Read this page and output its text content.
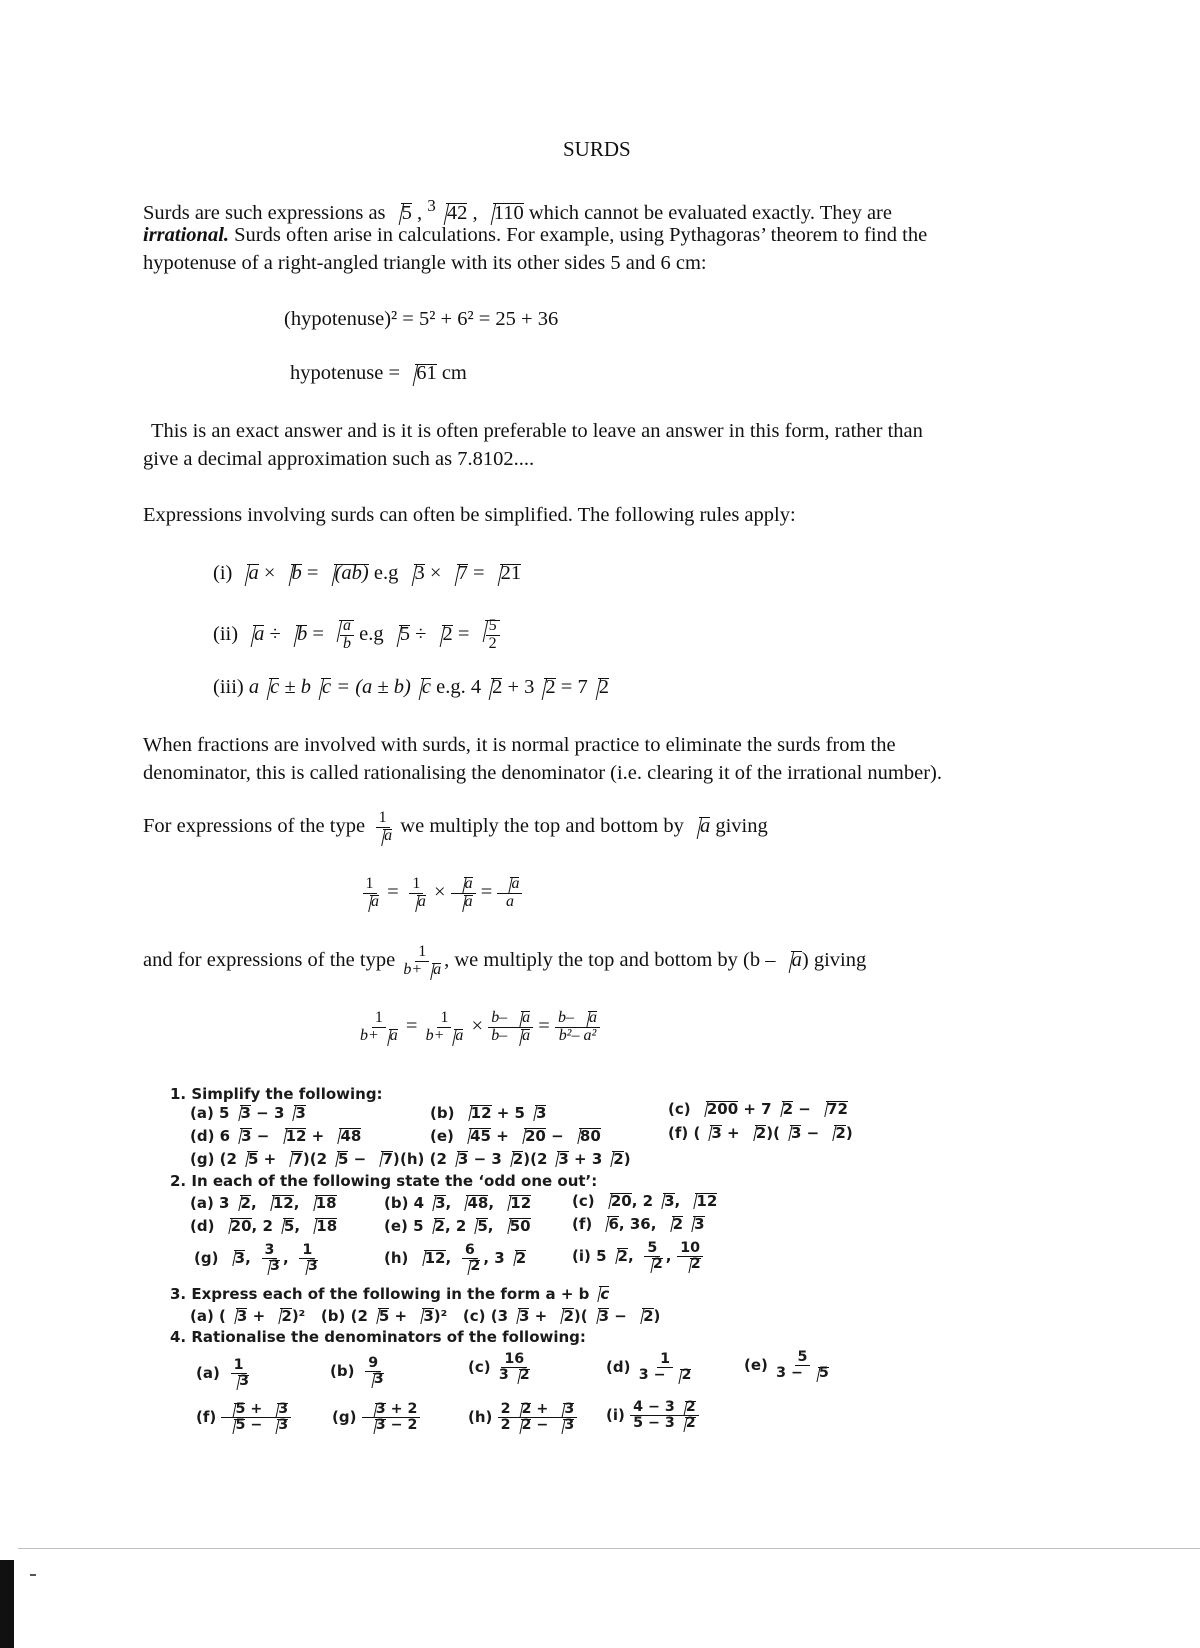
SURDS
Surds are such expressions as 5 , $^3$ 42 , 110 which cannot be evaluated exactly. They are
irrational. Surds often arise in calculations. For example, using Pythagoras’ theorem to find the
hypotenuse of a right-angled triangle with its other sides 5 and 6 cm:
(hypotenuse)² = 5² + 6² = 25 + 36
hypotenuse = 61 cm
This is an exact answer and is it is often preferable to leave an answer in this form, rather than
give a decimal approximation such as 7.8102....
Expressions involving surds can often be simplified. The following rules apply:
(i) a × b = (ab) e.g 3 × 7 = 21
(ii) $a \div b = \frac{a}{b} e.g$ $5 \div 2 = \frac{5}{2}$
(iii) a c ± b c = (a ± b) c e.g. 4 2 + 3 2 = 7 2
When fractions are involved with surds, it is normal practice to eliminate the surds from the
denominator, this is called rationalising the denominator (i.e. clearing it of the irrational number).
For expressions of the type $\frac{1}{a}$ we multiply the top and bottom by a giving
$\frac{1}{a} = \frac{1}{a} \times \frac{a}{a} = \frac{a}{a}$
and for expressions of the type $\frac{1}{b+ a}$ , we multiply the top and bottom by (b – a) giving
$\frac{1}{b+ a} = \frac{1}{b+ a} \times \frac{b- a}{b- a} = \frac{b- a}{\text{b²– a²}}$
1. Simplify the following:
(a) 5 3 − 3 3	(b) 12 + 5 3	(c) 200 + 7 2 − 72
(d) 6 3 − 12 + 48	(e) 45 + 20 − 80	(f) ( 3 + 2)( 3 − 2)
(g) (2 5 + 7)(2 5 − 7) (h) (2 3 − 3 2)(2 3 + 3 2)
2. In each of the following state the ‘odd one out’:
(a) 3 2, 12, 18	(b) 4 3, 48, 12	(c) 20, 2 3, 12
(d) 20, 2 5, 18	(e) 5 2, 2 5, 50	(f) 6, 36, 2 3
(g) 3, $\frac{3}{3}$ , $\frac{1}{3}$	(h) 12, $\frac{6}{2}$ , 3 2	(i) 5 2, $\frac{5}{2}$ , $\frac{10}{2}$
3. Express each of the following in the form a + b c
(a) ( 3 + 2)² (b) (2 5 + 3)² (c) (3 3 + 2)( 3 − 2)
4. Rationalise the denominators of the following:
$(a) \frac{1}{3}$	$(b) \frac{9}{3}$	$(c) \frac{16}{3 2}$	$(d) \frac{1}{3 - 2}$	$(e) \frac{5}{3 - 5}$
$(f) \frac{5 + 3}{5 - 3}$	$(g) \frac{3 + 2}{3 - 2}$	$(h) \frac{2 2 + 3}{2 2 - 3} (i) \frac{4 - 3 2}{5 - 3 2}$
